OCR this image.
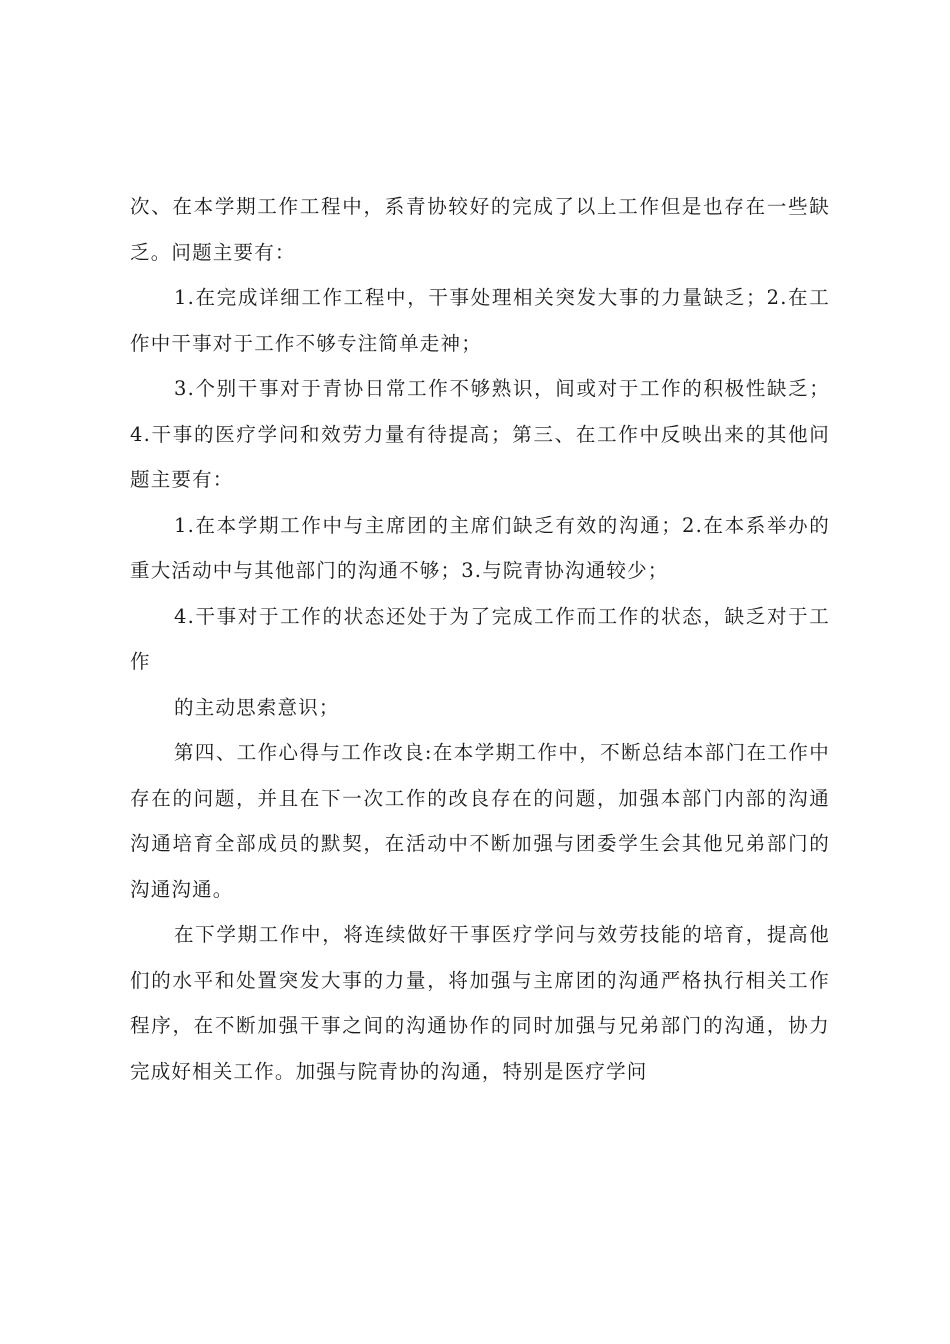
次、在本学期工作工程中，系青协较好的完成了以上工作但是也存在一些缺乏。问题主要有：

1.在完成详细工作工程中，干事处理相关突发大事的力量缺乏；2.在工作中干事对于工作不够专注简单走神；

3.个别干事对于青协日常工作不够熟识，间或对于工作的积极性缺乏；4.干事的医疗学问和效劳力量有待提高；第三、在工作中反映出来的其他问题主要有：

1.在本学期工作中与主席团的主席们缺乏有效的沟通；2.在本系举办的重大活动中与其他部门的沟通不够；3.与院青协沟通较少；

4.干事对于工作的状态还处于为了完成工作而工作的状态，缺乏对于工作

的主动思索意识；

第四、工作心得与工作改良:在本学期工作中，不断总结本部门在工作中存在的问题，并且在下一次工作的改良存在的问题，加强本部门内部的沟通沟通培育全部成员的默契，在活动中不断加强与团委学生会其他兄弟部门的沟通沟通。

在下学期工作中，将连续做好干事医疗学问与效劳技能的培育，提高他们的水平和处置突发大事的力量，将加强与主席团的沟通严格执行相关工作程序，在不断加强干事之间的沟通协作的同时加强与兄弟部门的沟通，协力完成好相关工作。加强与院青协的沟通，特别是医疗学问
